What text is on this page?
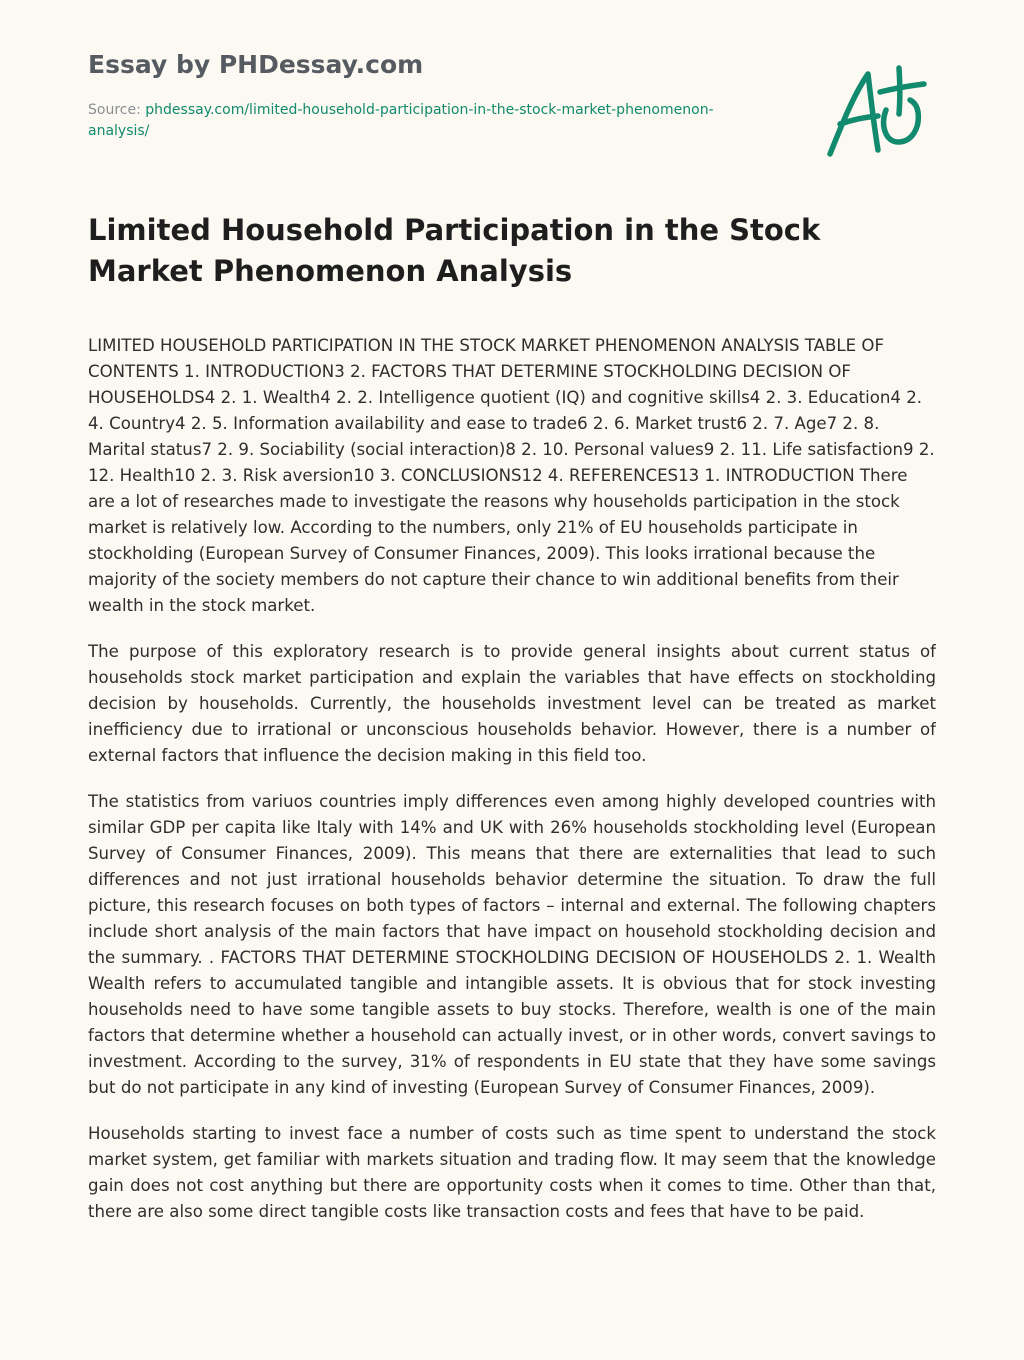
Essay by PHDessay.com
Source: phdessay.com/limited-household-participation-in-the-stock-market-phenomenon-analysis/
Limited Household Participation in the Stock Market Phenomenon Analysis

LIMITED HOUSEHOLD PARTICIPATION IN THE STOCK MARKET PHENOMENON ANALYSIS TABLE OF CONTENTS 1. INTRODUCTION3 2. FACTORS THAT DETERMINE STOCKHOLDING DECISION OF HOUSEHOLDS4 2. 1. Wealth4 2. 2. Intelligence quotient (IQ) and cognitive skills4 2. 3. Education4 2. 4. Country4 2. 5. Information availability and ease to trade6 2. 6. Market trust6 2. 7. Age7 2. 8. Marital status7 2. 9. Sociability (social interaction)8 2. 10. Personal values9 2. 11. Life satisfaction9 2. 12. Health10 2. 3. Risk aversion10 3. CONCLUSIONS12 4. REFERENCES13 1. INTRODUCTION There are a lot of researches made to investigate the reasons why households participation in the stock market is relatively low. According to the numbers, only 21% of EU households participate in stockholding (European Survey of Consumer Finances, 2009). This looks irrational because the majority of the society members do not capture their chance to win additional benefits from their wealth in the stock market.

The purpose of this exploratory research is to provide general insights about current status of households stock market participation and explain the variables that have effects on stockholding decision by households. Currently, the households investment level can be treated as market inefficiency due to irrational or unconscious households behavior. However, there is a number of external factors that influence the decision making in this field too.

The statistics from variuos countries imply differences even among highly developed countries with similar GDP per capita like Italy with 14% and UK with 26% households stockholding level (European Survey of Consumer Finances, 2009). This means that there are externalities that lead to such differences and not just irrational households behavior determine the situation. To draw the full picture, this research focuses on both types of factors – internal and external. The following chapters include short analysis of the main factors that have impact on household stockholding decision and the summary. . FACTORS THAT DETERMINE STOCKHOLDING DECISION OF HOUSEHOLDS 2. 1. Wealth Wealth refers to accumulated tangible and intangible assets. It is obvious that for stock investing households need to have some tangible assets to buy stocks. Therefore, wealth is one of the main factors that determine whether a household can actually invest, or in other words, convert savings to investment. According to the survey, 31% of respondents in EU state that they have some savings but do not participate in any kind of investing (European Survey of Consumer Finances, 2009).

Households starting to invest face a number of costs such as time spent to understand the stock market system, get familiar with markets situation and trading flow. It may seem that the knowledge gain does not cost anything but there are opportunity costs when it comes to time. Other than that, there are also some direct tangible costs like transaction costs and fees that have to be paid.
